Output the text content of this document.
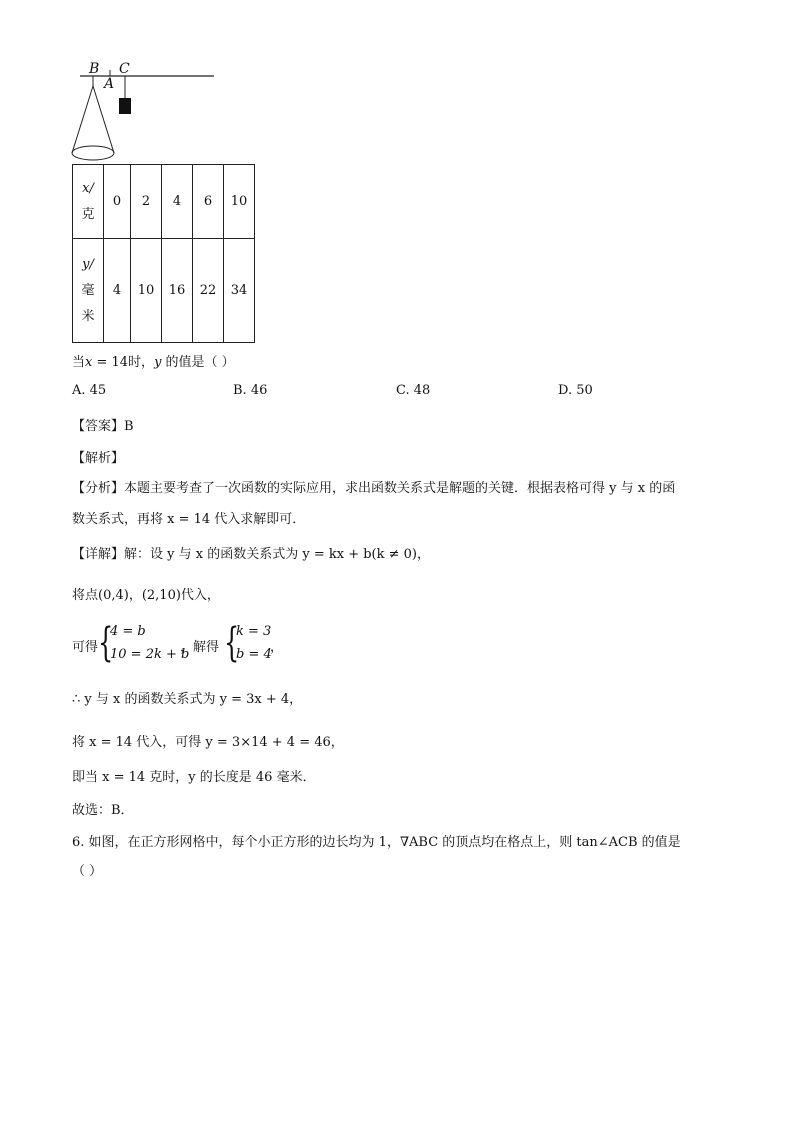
B C
A
x/
克	0	2	4	6	10

y/
毫
米	4	10	16	22	34
当x = 14时，y 的值是（ ）
A. 45	B. 46	C. 48	D. 50
【答案】B
【解析】
【分析】本题主要考查了一次函数的实际应用，求出函数关系式是解题的关键．根据表格可得 y 与 x 的函
数关系式，再将 x = 14 代入求解即可．
【详解】解：设 y 与 x 的函数关系式为 y = kx + b(k ≠ 0)，
将点(0,4)，(2,10)代入，
可得 {
4 = b
10 = 2k + b
，解得 {
k = 3
b = 4
，
∴ y 与 x 的函数关系式为 y = 3x + 4，
将 x = 14 代入，可得 y = 3×14 + 4 = 46，
即当 x = 14 克时，y 的长度是 46 毫米．
故选：B．
6. 如图，在正方形网格中，每个小正方形的边长均为 1，∇ABC 的顶点均在格点上，则 tan∠ACB 的值是
（ ）
